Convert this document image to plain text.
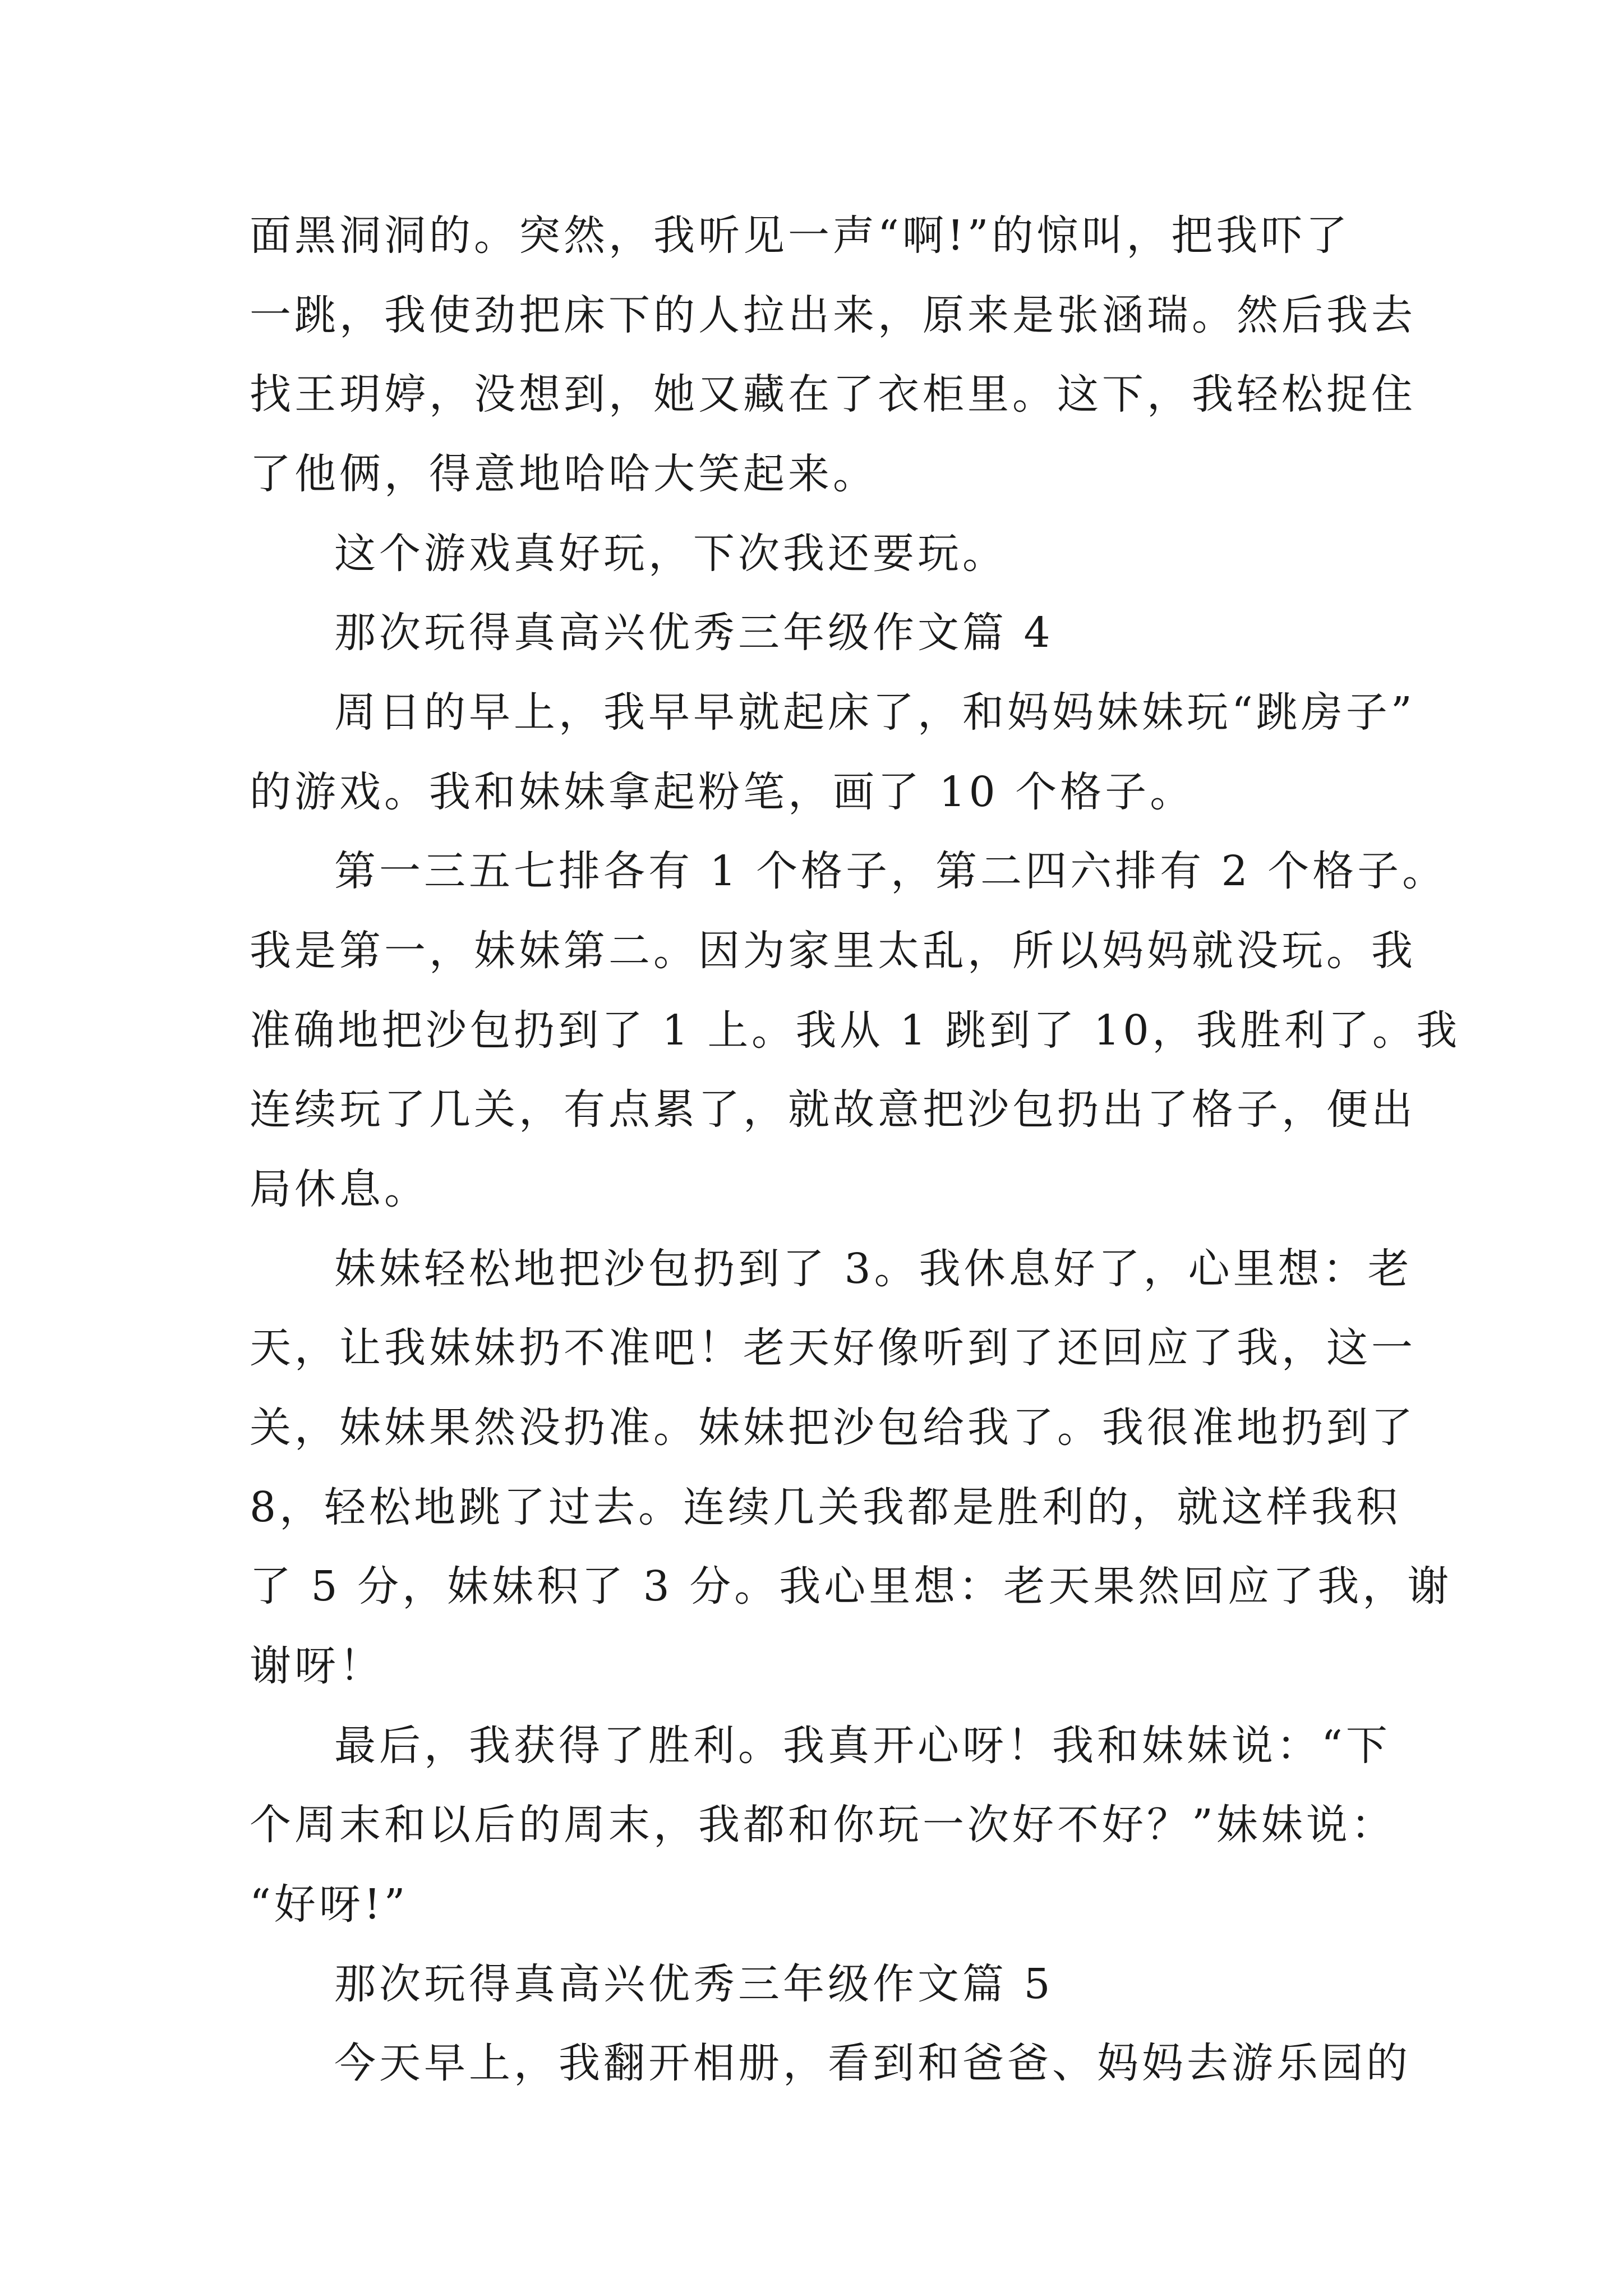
面黑洞洞的。突然，我听见一声“啊!”的惊叫，把我吓了
一跳，我使劲把床下的人拉出来，原来是张涵瑞。然后我去
找王玥婷，没想到，她又藏在了衣柜里。这下，我轻松捉住
了他俩，得意地哈哈大笑起来。
这个游戏真好玩，下次我还要玩。
那次玩得真高兴优秀三年级作文篇 4
周日的早上，我早早就起床了，和妈妈妹妹玩“跳房子”
的游戏。我和妹妹拿起粉笔，画了 10 个格子。
第一三五七排各有 1 个格子，第二四六排有 2 个格子。
我是第一，妹妹第二。因为家里太乱，所以妈妈就没玩。我
准确地把沙包扔到了 1 上。我从 1 跳到了 10，我胜利了。我
连续玩了几关，有点累了，就故意把沙包扔出了格子，便出
局休息。
妹妹轻松地把沙包扔到了 3。我休息好了，心里想：老
天，让我妹妹扔不准吧！老天好像听到了还回应了我，这一
关，妹妹果然没扔准。妹妹把沙包给我了。我很准地扔到了
8，轻松地跳了过去。连续几关我都是胜利的，就这样我积
了 5 分，妹妹积了 3 分。我心里想：老天果然回应了我，谢
谢呀！
最后，我获得了胜利。我真开心呀！我和妹妹说：“下
个周末和以后的周末，我都和你玩一次好不好？”妹妹说：
“好呀!”
那次玩得真高兴优秀三年级作文篇 5
今天早上，我翻开相册，看到和爸爸、妈妈去游乐园的
